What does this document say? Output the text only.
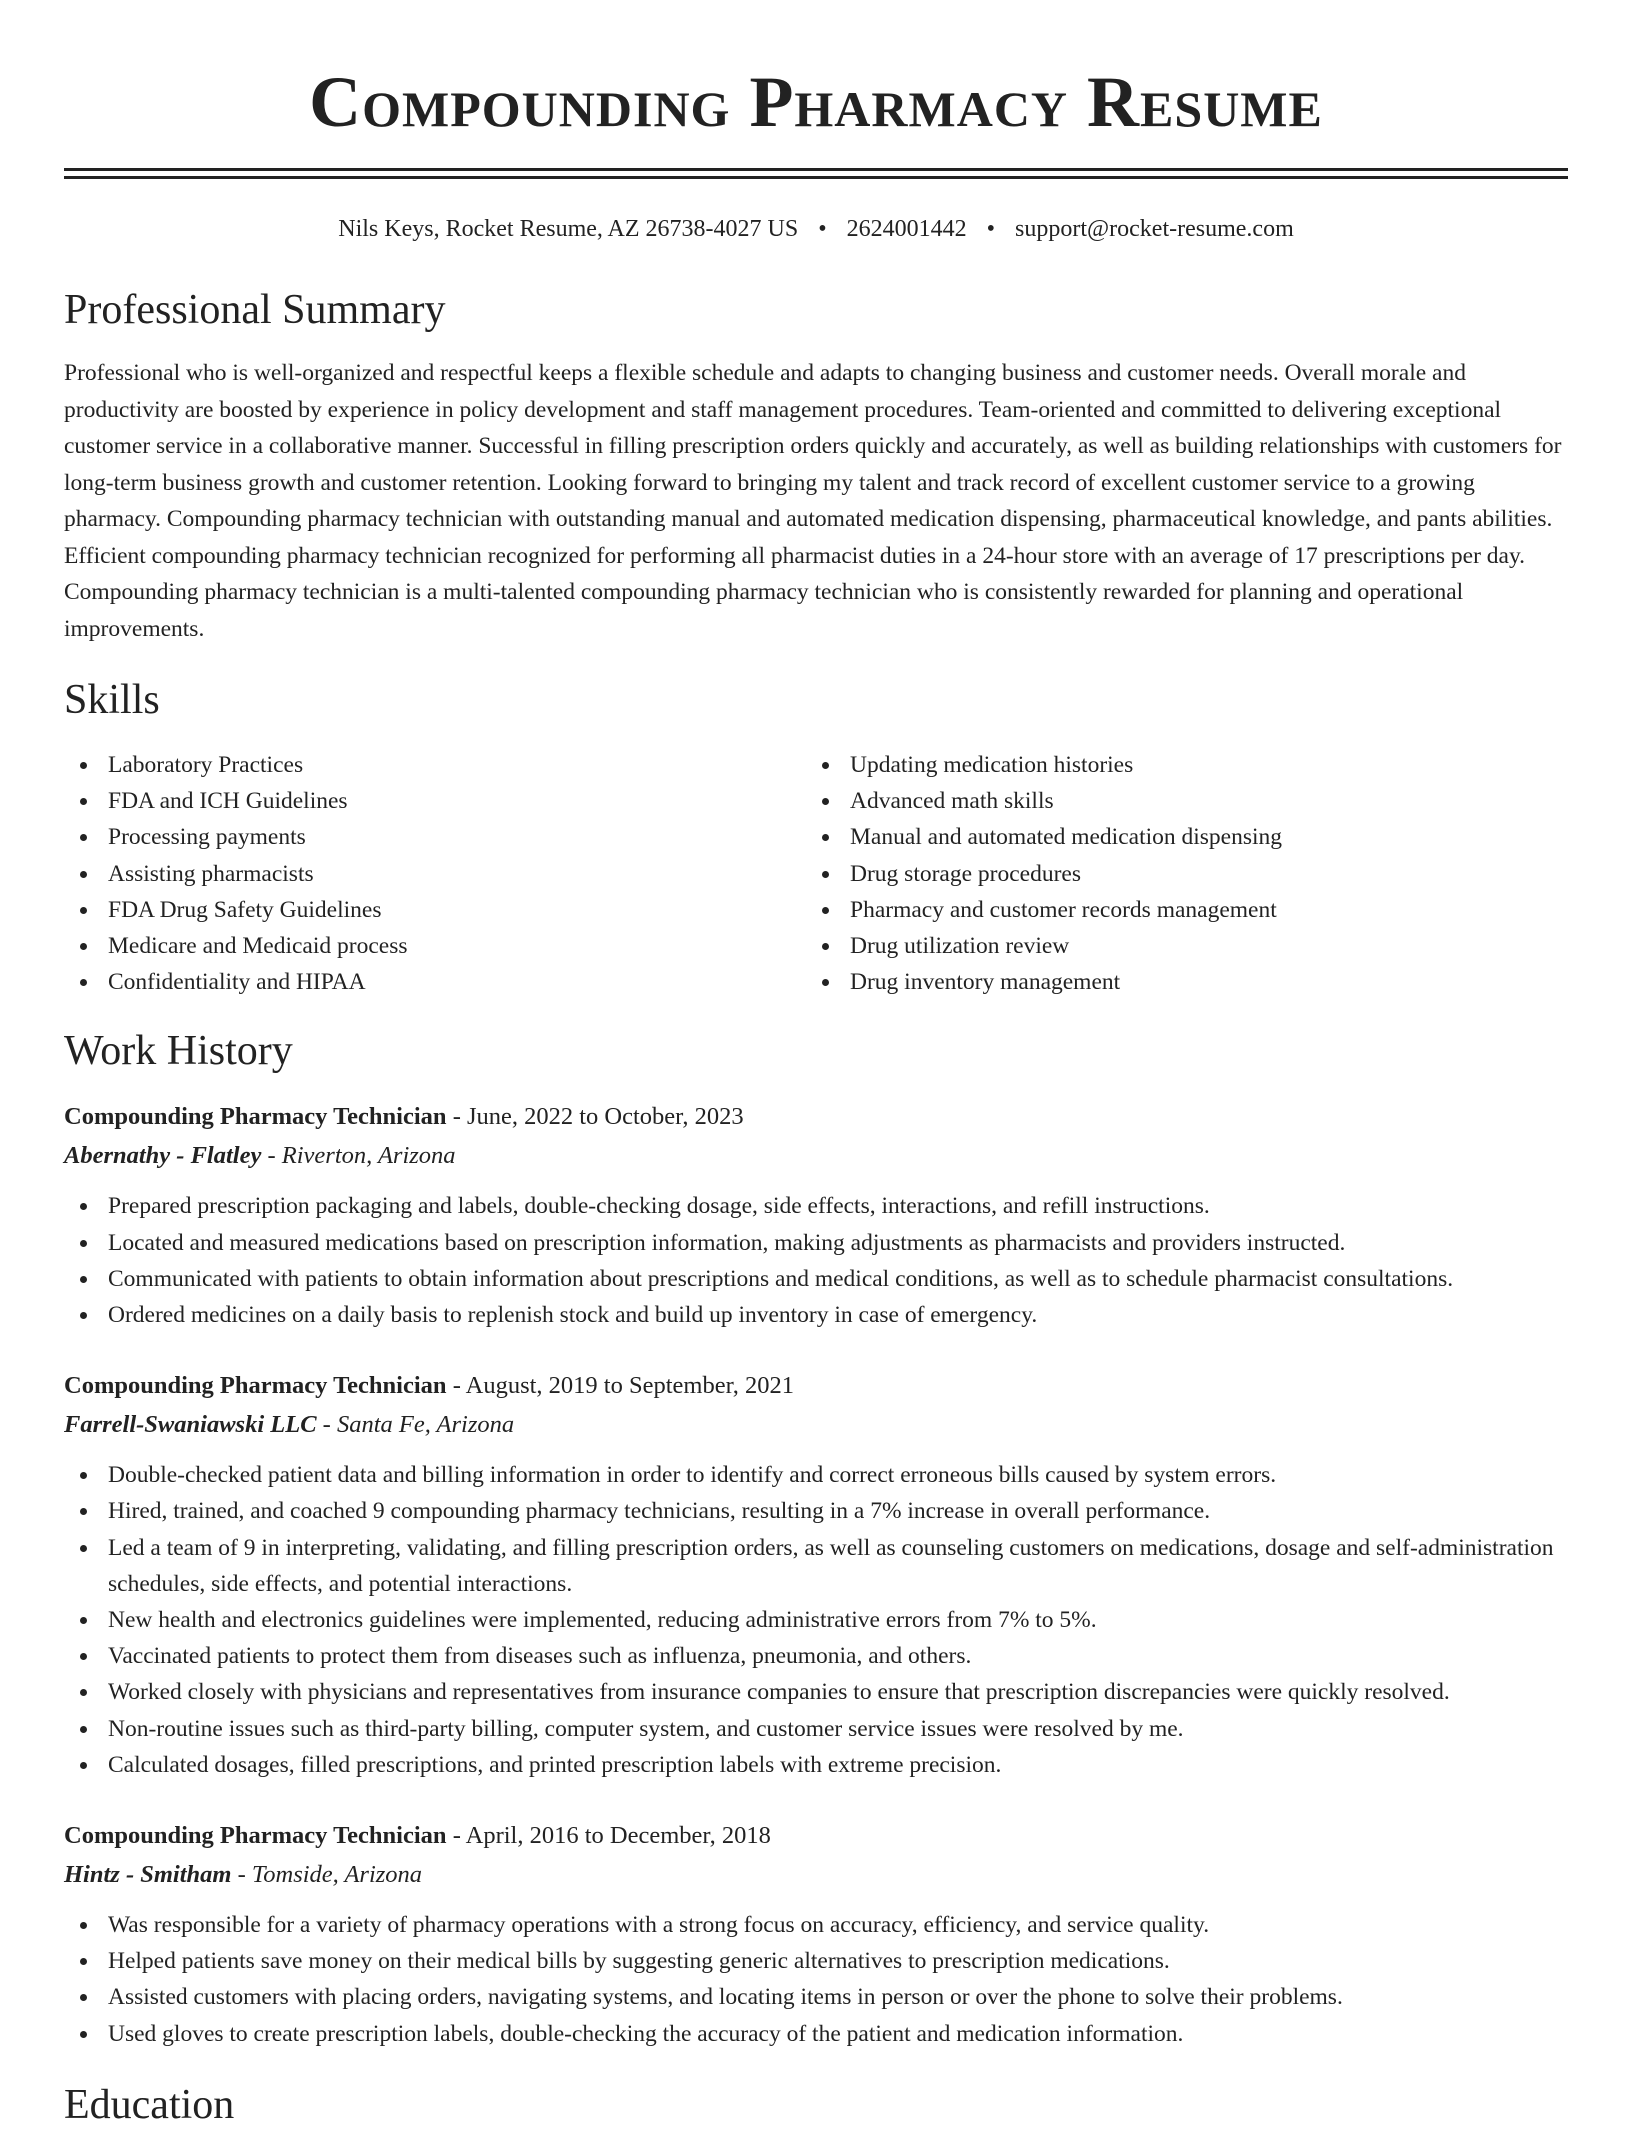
Compounding Pharmacy Resume
Nils Keys, Rocket Resume, AZ 26738-4027 US • 2624001442 • support@rocket-resume.com
Professional Summary

Professional who is well-organized and respectful keeps a flexible schedule and adapts to changing business and customer needs. Overall morale and productivity are boosted by experience in policy development and staff management procedures. Team-oriented and committed to delivering exceptional customer service in a collaborative manner. Successful in filling prescription orders quickly and accurately, as well as building relationships with customers for long-term business growth and customer retention. Looking forward to bringing my talent and track record of excellent customer service to a growing pharmacy. Compounding pharmacy technician with outstanding manual and automated medication dispensing, pharmaceutical knowledge, and pants abilities. Efficient compounding pharmacy technician recognized for performing all pharmacist duties in a 24-hour store with an average of 17 prescriptions per day. Compounding pharmacy technician is a multi-talented compounding pharmacy technician who is consistently rewarded for planning and operational improvements.

Skills
Laboratory Practices
FDA and ICH Guidelines
Processing payments
Assisting pharmacists
FDA Drug Safety Guidelines
Medicare and Medicaid process
Confidentiality and HIPAA
Updating medication histories
Advanced math skills
Manual and automated medication dispensing
Drug storage procedures
Pharmacy and customer records management
Drug utilization review
Drug inventory management
Work History
Compounding Pharmacy Technician - June, 2022 to October, 2023
Abernathy - Flatley - Riverton, Arizona
Prepared prescription packaging and labels, double-checking dosage, side effects, interactions, and refill instructions.
Located and measured medications based on prescription information, making adjustments as pharmacists and providers instructed.
Communicated with patients to obtain information about prescriptions and medical conditions, as well as to schedule pharmacist consultations.
Ordered medicines on a daily basis to replenish stock and build up inventory in case of emergency.
Compounding Pharmacy Technician - August, 2019 to September, 2021
Farrell-Swaniawski LLC - Santa Fe, Arizona
Double-checked patient data and billing information in order to identify and correct erroneous bills caused by system errors.
Hired, trained, and coached 9 compounding pharmacy technicians, resulting in a 7% increase in overall performance.
Led a team of 9 in interpreting, validating, and filling prescription orders, as well as counseling customers on medications, dosage and self-administration schedules, side effects, and potential interactions.
New health and electronics guidelines were implemented, reducing administrative errors from 7% to 5%.
Vaccinated patients to protect them from diseases such as influenza, pneumonia, and others.
Worked closely with physicians and representatives from insurance companies to ensure that prescription discrepancies were quickly resolved.
Non-routine issues such as third-party billing, computer system, and customer service issues were resolved by me.
Calculated dosages, filled prescriptions, and printed prescription labels with extreme precision.
Compounding Pharmacy Technician - April, 2016 to December, 2018
Hintz - Smitham - Tomside, Arizona
Was responsible for a variety of pharmacy operations with a strong focus on accuracy, efficiency, and service quality.
Helped patients save money on their medical bills by suggesting generic alternatives to prescription medications.
Assisted customers with placing orders, navigating systems, and locating items in person or over the phone to solve their problems.
Used gloves to create prescription labels, double-checking the accuracy of the patient and medication information.
Education
